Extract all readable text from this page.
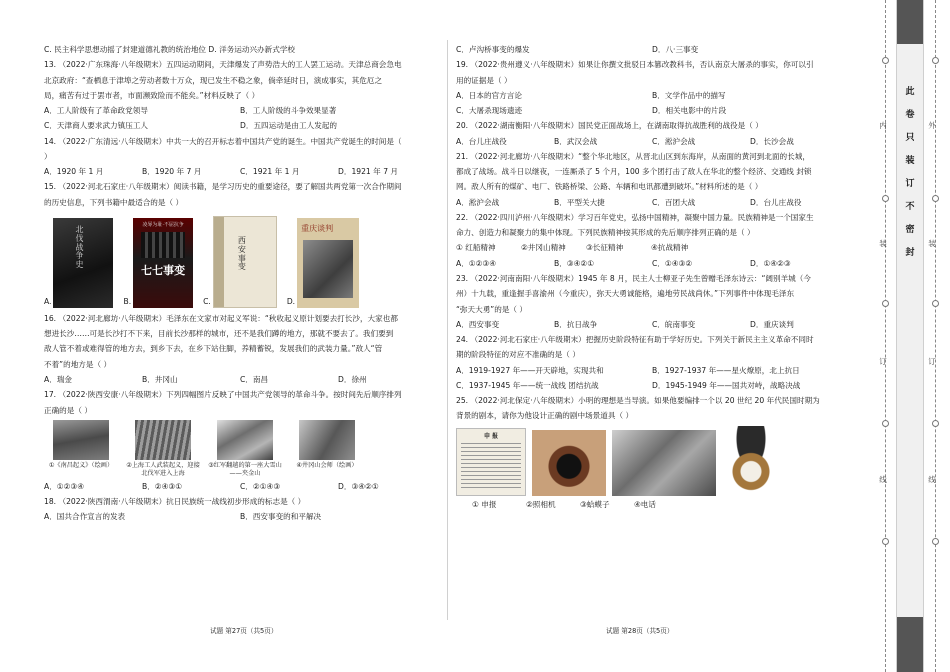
C. 民主科学思想动摇了封建道德礼教的统治地位 D. 洋务运动兴办新式学校

13. （2022·广东珠海·八年级期末）五四运动期间，天津爆发了声势浩大的工人罢工运动。天津总商会急电

北京政府：“查栖息于津埠之劳动者数十万众，现已发生不稳之象，倘牵延时日，演成事实，其危厄之

局，痛苦有过于罢市者，市面濒致险而不能矣。”材料反映了（ ）

A．工人阶级有了革命政党领导	B．工人阶级的斗争效果显著
C．天津商人要求武力镇压工人	D．五四运动是由工人发起的

14. （2022·广东清远·八年级期末）中共一大的召开标志着中国共产党的诞生。中国共产党诞生的时间是（

）

A．1920 年 1 月	B．1920 年 7 月	C．1921 年 1 月	D．1921 年 7 月

15. （2022·河北石家庄·八年级期末）阅读书籍，是学习历史的重要途径，要了解国共两党第一次合作期间

的历史信息，下列书籍中最适合的是（ ）

A.
北伐战争史
B.
凌辱为耻·不屈抗争
七七事变
C.
西安事变
D.
重庆谈判

16. （2022·河北廊坊·八年级期末）毛泽东在文家市对起义军说：“秋收起义原计划要去打长沙，大家也都

想进长沙……可是长沙打不下来，目前长沙那样的城市，还不是我们蹲的地方，那就不要去了。我们要到

敌人管不着或难得管的地方去，到乡下去，在乡下站住脚，养精蓄锐，发展我们的武装力量。”敌人“管

不着”的地方是（ ）

A．瑞金	B．井冈山	C．南昌	D．徐州

17. （2022·陕西安康·八年级期末）下列四幅图片反映了中国共产党领导的革命斗争。按时间先后顺序排列

正确的是（ ）

①《南昌起义》（绘画） ②上海工人武装起义，迎接北伐军进入上海
③红军翻越的第一座大雪山——夹金山
④井冈山会师（绘画）
A．①②③④	B．②④③①	C．②①④③	D．③④②①

18. （2022·陕西渭南·八年级期末）抗日民族统一战线初步形成的标志是（ ）

A．国共合作宣言的发表	B．西安事变的和平解决
C．卢沟桥事变的爆发	D．八·三事变

19. （2022·贵州遵义·八年级期末）如果让你撰文批驳日本篡改教科书，否认南京大屠杀的事实，你可以引

用的证据是（ ）

A．日本的官方言论	B．文学作品中的描写
C．大屠杀现场遗迹	D．相关电影中的片段

20. （2022·湖南衡阳·八年级期末）国民党正面战场上，在湖南取得抗战胜利的战役是（ ）

A．台儿庄战役	B．武汉会战	C．淞沪会战	D．长沙会战

21. （2022·河北廊坊·八年级期末）“整个华北地区，从晋北山区到东海岸，从南面的黄河到北面的长城，

都成了战场。战斗日以继夜，一连厮杀了 5 个月，100 多个团打击了敌人在华北的整个经济、交通线 封锁

网。敌人所有的煤矿、电厂、铁路桥梁、公路、车辆和电讯都遭到破坏。”材料所述的是（ ）

A．淞沪会战	B．平型关大捷	C．百团大战	D．台儿庄战役

22. （2022·四川泸州·八年级期末）学习百年党史，弘扬中国精神，凝聚中国力量。民族精神是一个国家生

命力、创造力和凝聚力的集中体现。下列民族精神按其形成的先后顺序排列正确的是（ ）

① 红船精神	②井冈山精神	③长征精神	④抗战精神
A．①②③④	B．③④②①	C．①④③②	D．①④②③

23. （2022·河南南阳·八年级期末）1945 年 8 月，民主人士柳亚子先生曾赠毛泽东诗云：“阔别羊城（今

州）十九载，重逢握手喜渝州（今重庆），弥天大勇诚能格，遍地劳民战尚休。”下列事件中体现毛泽东

“弥天大勇”的是（ ）

A．西安事变	B．抗日战争	C．皖南事变	D．重庆谈判

24. （2022·河北石家庄·八年级期末）把握历史阶段特征有助于学好历史。下列关于新民主主义革命不同时

期的阶段特征的对应不准确的是（ ）

A．1919-1927 年——开天辟地，实现共和	B．1927-1937 年——星火燎原，北上抗日
C．1937-1945 年——统一战线 团结抗战	D．1945-1949 年——国共对峙，战略决战

25. （2022·河北保定·八年级期末）小明的理想是当导演。如果他要编排一个以 20 世纪 20 年代民国时期为

背景的剧本，请你为他设计正确的剧中场景道具（ ）

申 报
① 申报	②照相机	③蛤蟆子	④电话
试题 第27页（共5页）	试题 第28页（共5页）
内
装
订
线
此
卷
只
装
订
不
密
封
外
装
订
线
